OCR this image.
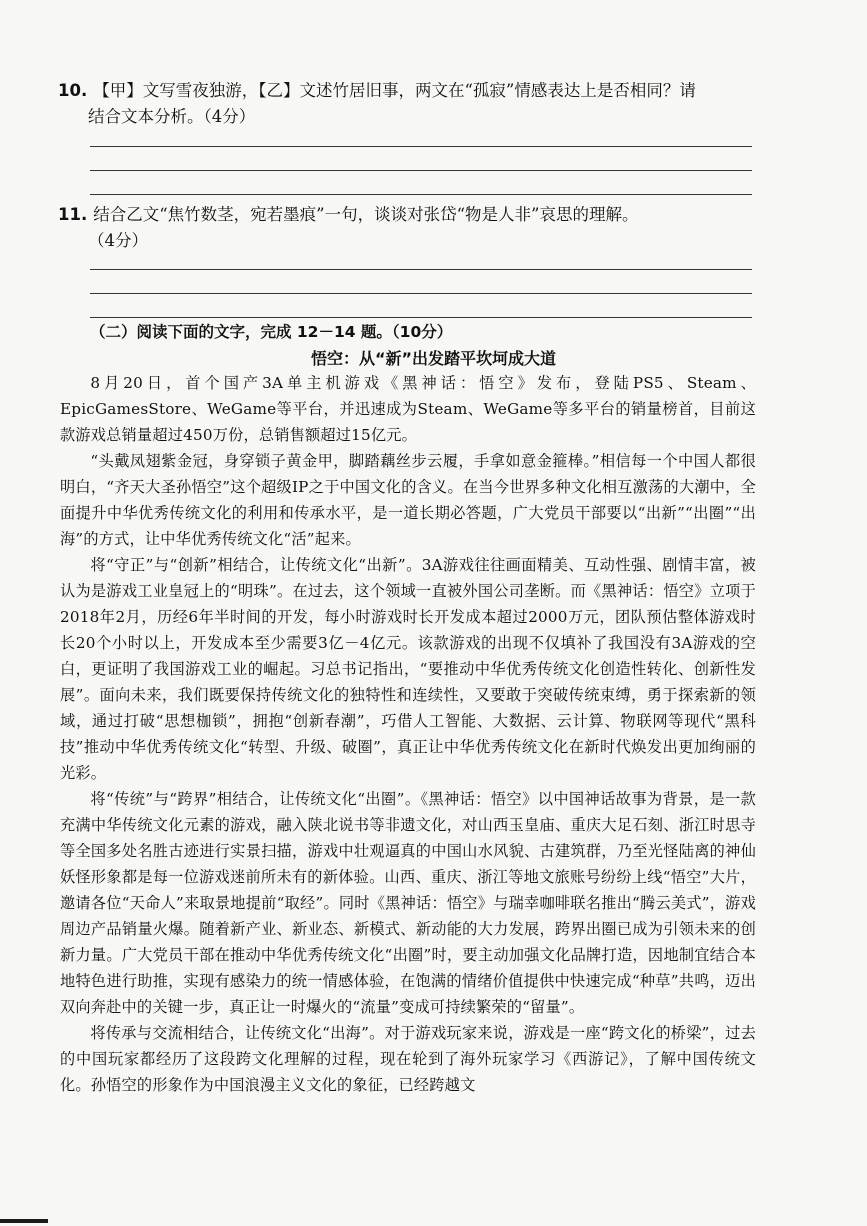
10. 【甲】文写雪夜独游，【乙】文述竹居旧事，两文在“孤寂”情感表达上是否相同？请
结合文本分析。（4分）
11. 结合乙文“焦竹数茎，宛若墨痕”一句，谈谈对张岱“物是人非”哀思的理解。
（4分）
（二）阅读下面的文字，完成 12－14 题。（10分）
悟空：从“新”出发踏平坎坷成大道

8月20日，首个国产3A单主机游戏《黑神话：悟空》发布，登陆PS5、Steam、EpicGamesStore、WeGame等平台，并迅速成为Steam、WeGame等多平台的销量榜首，目前这款游戏总销量超过450万份，总销售额超过15亿元。

“头戴凤翅紫金冠，身穿锁子黄金甲，脚踏藕丝步云履，手拿如意金箍棒。”相信每一个中国人都很明白，“齐天大圣孙悟空”这个超级IP之于中国文化的含义。在当今世界多种文化相互激荡的大潮中，全面提升中华优秀传统文化的利用和传承水平，是一道长期必答题，广大党员干部要以“出新”“出圈”“出海”的方式，让中华优秀传统文化“活”起来。

将“守正”与“创新”相结合，让传统文化“出新”。3A游戏往往画面精美、互动性强、剧情丰富，被认为是游戏工业皇冠上的“明珠”。在过去，这个领域一直被外国公司垄断。而《黑神话：悟空》立项于2018年2月，历经6年半时间的开发，每小时游戏时长开发成本超过2000万元，团队预估整体游戏时长20个小时以上，开发成本至少需要3亿－4亿元。该款游戏的出现不仅填补了我国没有3A游戏的空白，更证明了我国游戏工业的崛起。习总书记指出，“要推动中华优秀传统文化创造性转化、创新性发展”。面向未来，我们既要保持传统文化的独特性和连续性，又要敢于突破传统束缚，勇于探索新的领域，通过打破“思想枷锁”，拥抱“创新春潮”，巧借人工智能、大数据、云计算、物联网等现代“黑科技”推动中华优秀传统文化“转型、升级、破圈”，真正让中华优秀传统文化在新时代焕发出更加绚丽的光彩。

将“传统”与“跨界”相结合，让传统文化“出圈”。《黑神话：悟空》以中国神话故事为背景，是一款充满中华传统文化元素的游戏，融入陕北说书等非遗文化，对山西玉皇庙、重庆大足石刻、浙江时思寺等全国多处名胜古迹进行实景扫描，游戏中壮观逼真的中国山水风貌、古建筑群，乃至光怪陆离的神仙妖怪形象都是每一位游戏迷前所未有的新体验。山西、重庆、浙江等地文旅账号纷纷上线“悟空”大片，邀请各位“天命人”来取景地提前“取经”。同时《黑神话：悟空》与瑞幸咖啡联名推出“腾云美式”，游戏周边产品销量火爆。随着新产业、新业态、新模式、新动能的大力发展，跨界出圈已成为引领未来的创新力量。广大党员干部在推动中华优秀传统文化“出圈”时，要主动加强文化品牌打造，因地制宜结合本地特色进行助推，实现有感染力的统一情感体验，在饱满的情绪价值提供中快速完成“种草”共鸣，迈出双向奔赴中的关键一步，真正让一时爆火的“流量”变成可持续繁荣的“留量”。

将传承与交流相结合，让传统文化“出海”。对于游戏玩家来说，游戏是一座“跨文化的桥梁”，过去的中国玩家都经历了这段跨文化理解的过程，现在轮到了海外玩家学习《西游记》，了解中国传统文化。孙悟空的形象作为中国浪漫主义文化的象征，已经跨越文
